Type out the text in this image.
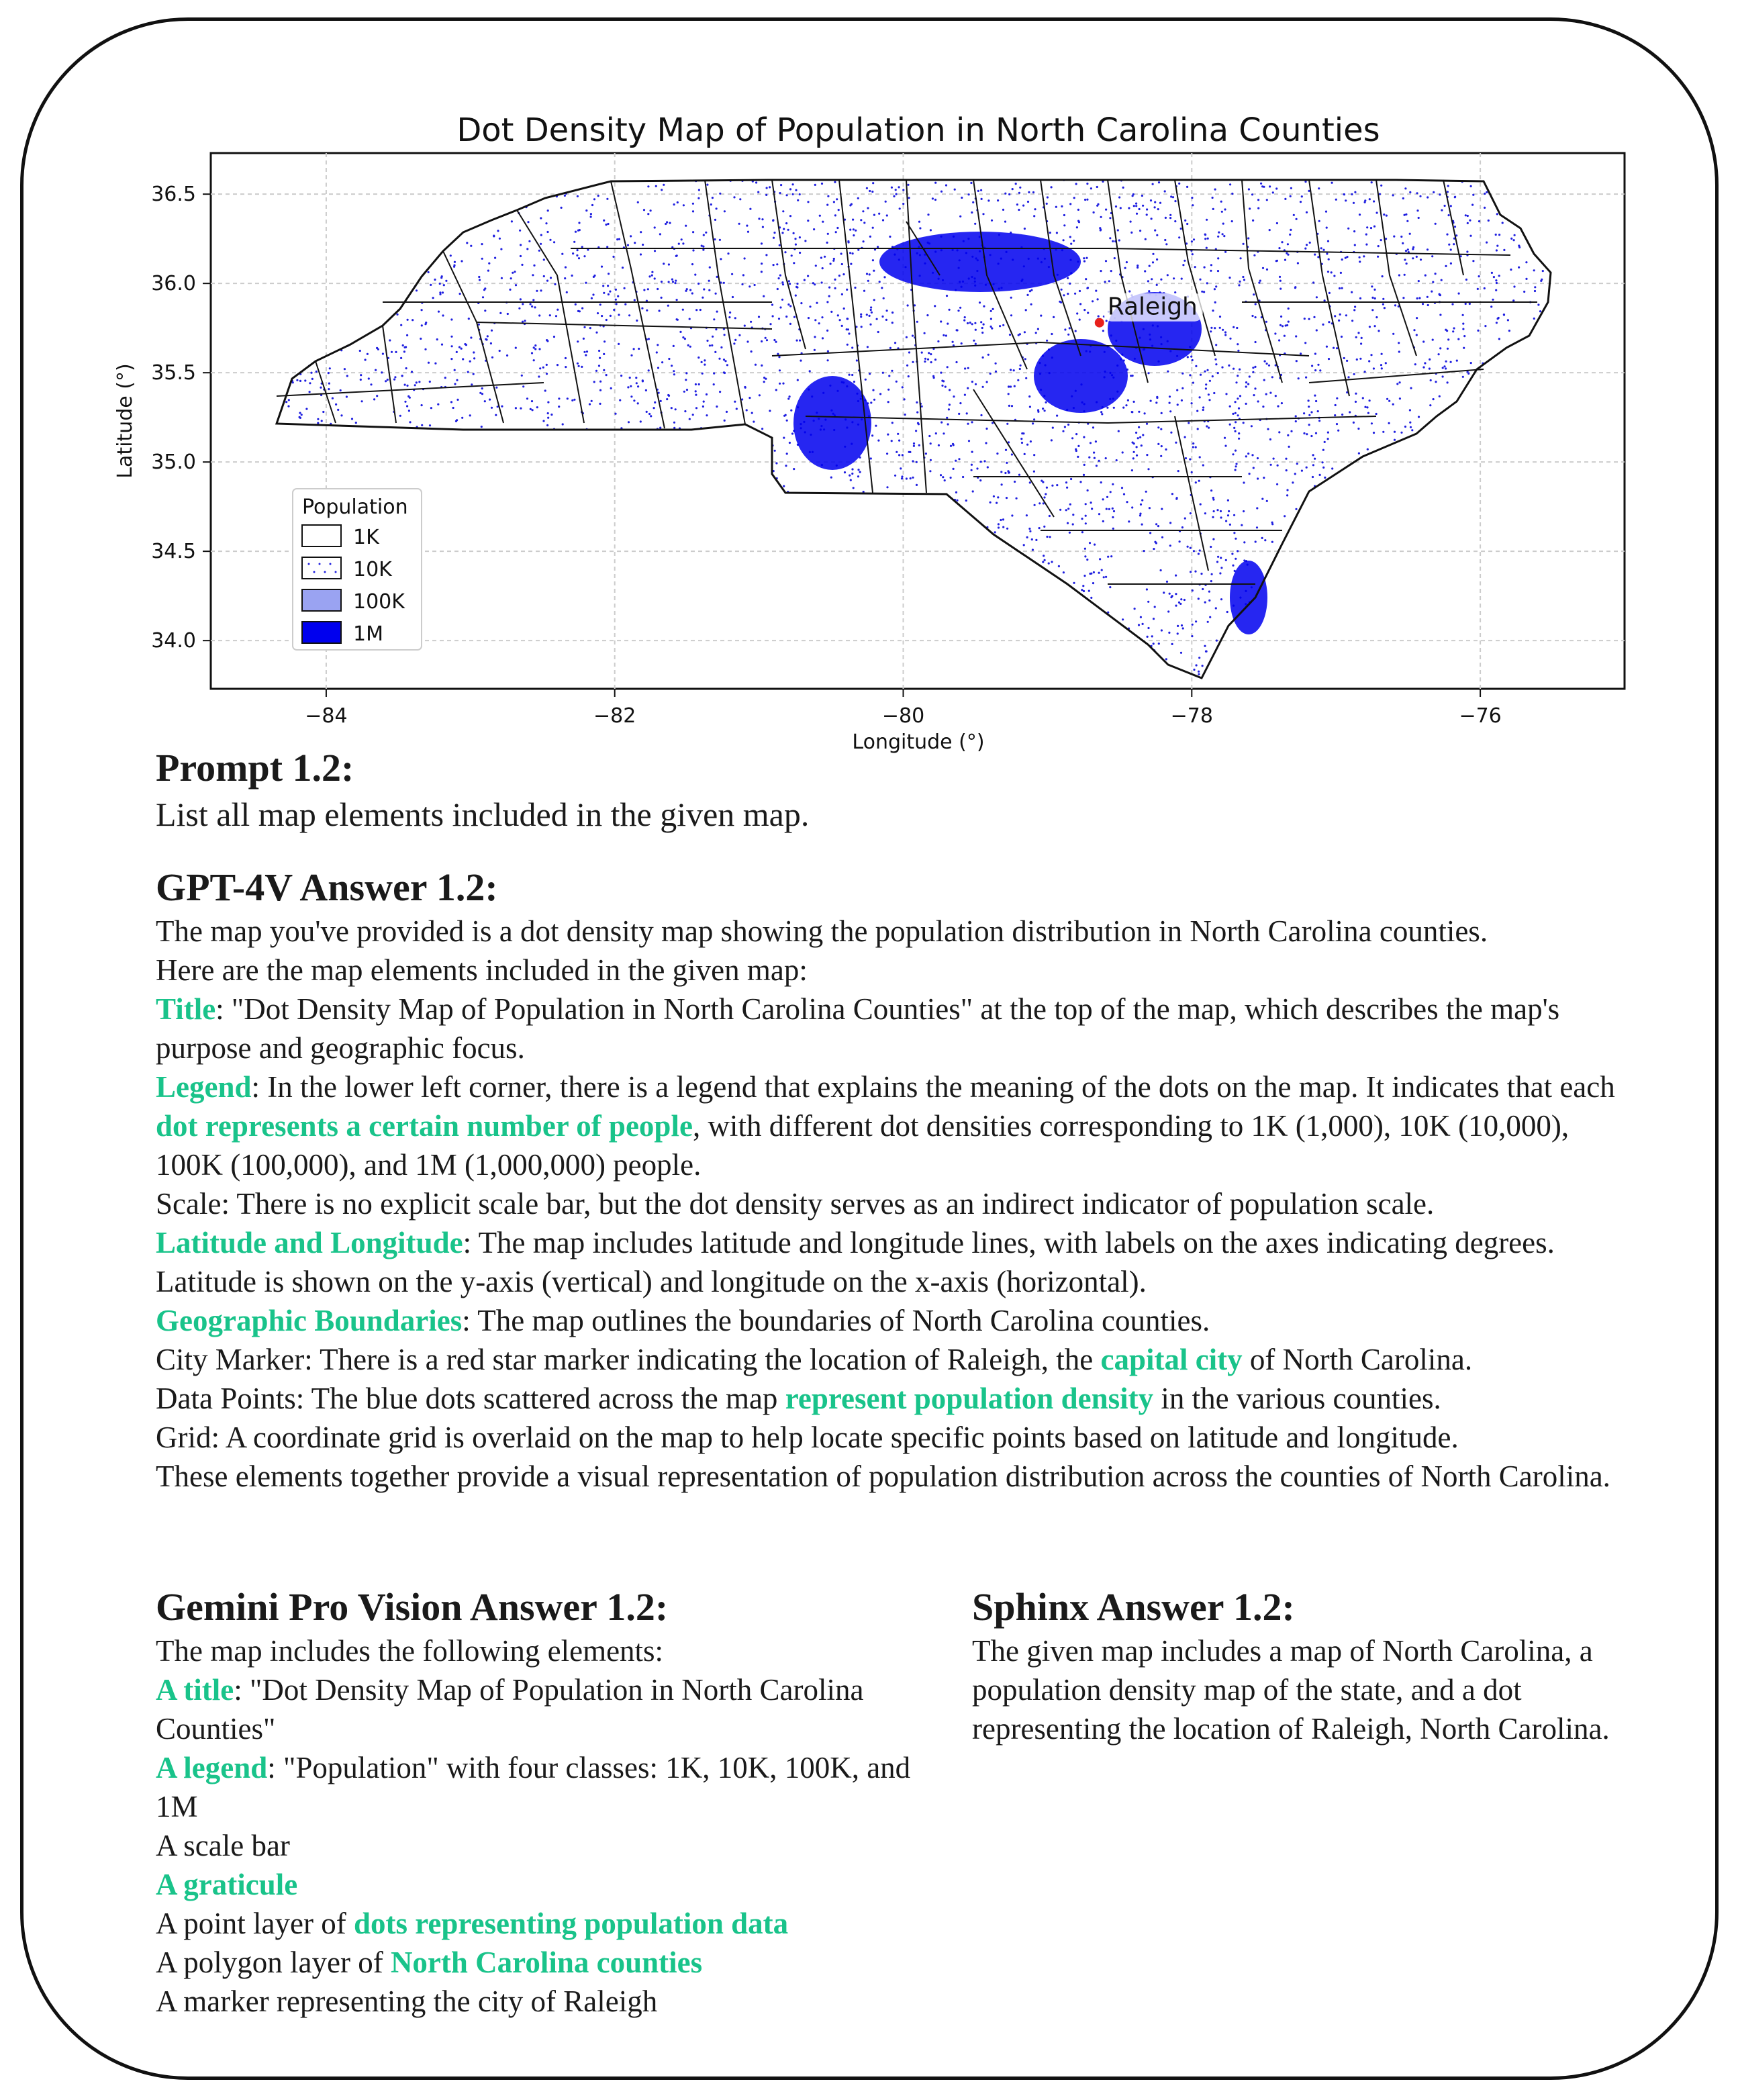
Dot Density Map of Population in North Carolina Counties
−84	−82	−80	−78	−76
34.0
34.5
35.0
35.5
36.0
36.5
Raleigh
Longitude (°)
Latitude (°)
Population
1K
10K
100K
1M

Prompt 1.2:

List all map elements included in the given map.

GPT-4V Answer 1.2:

The map you've provided is a dot density map showing the population distribution in North Carolina counties.
Here are the map elements included in the given map:

Title: "Dot Density Map of Population in North Carolina Counties" at the top of the map, which describes the map's purpose and geographic focus.

Legend: In the lower left corner, there is a legend that explains the meaning of the dots on the map. It indicates that each dot represents a certain number of people, with different dot densities corresponding to 1K (1,000), 10K (10,000), 100K (100,000), and 1M (1,000,000) people.

Scale: There is no explicit scale bar, but the dot density serves as an indirect indicator of population scale.

Latitude and Longitude: The map includes latitude and longitude lines, with labels on the axes indicating degrees. Latitude is shown on the y-axis (vertical) and longitude on the x-axis (horizontal).

Geographic Boundaries: The map outlines the boundaries of North Carolina counties.

City Marker: There is a red star marker indicating the location of Raleigh, the capital city of North Carolina.

Data Points: The blue dots scattered across the map represent population density in the various counties.

Grid: A coordinate grid is overlaid on the map to help locate specific points based on latitude and longitude.

These elements together provide a visual representation of population distribution across the counties of North Carolina.

Gemini Pro Vision Answer 1.2:

The map includes the following elements:

A title: "Dot Density Map of Population in North Carolina Counties"

A legend: "Population" with four classes: 1K, 10K, 100K, and 1M

A scale bar

A graticule

A point layer of dots representing population data

A polygon layer of North Carolina counties

A marker representing the city of Raleigh

Sphinx Answer 1.2:

The given map includes a map of North Carolina, a population density map of the state, and a dot representing the location of Raleigh, North Carolina.
